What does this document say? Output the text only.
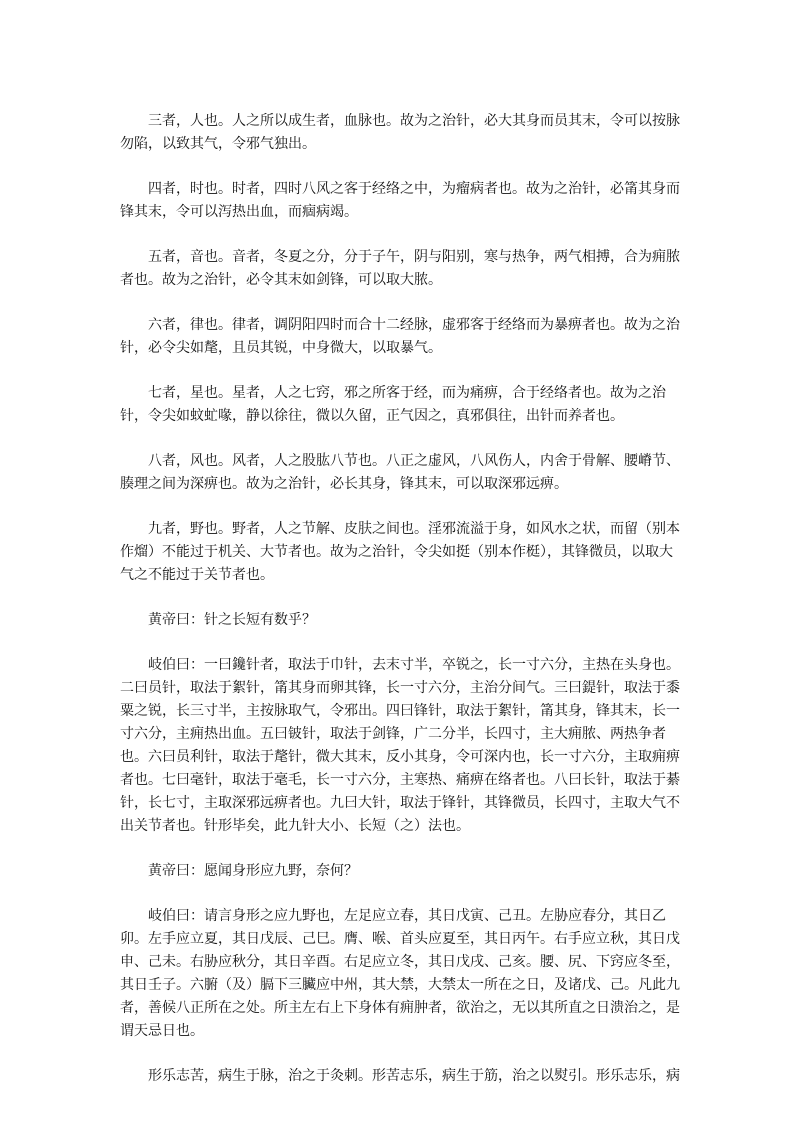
三者，人也。人之所以成生者，血脉也。故为之治针，必大其身而员其末，令可以按脉勿陷，以致其气，令邪气独出。

四者，时也。时者，四时八风之客于经络之中，为瘤病者也。故为之治针，必筩其身而锋其末，令可以泻热出血，而痼病竭。

五者，音也。音者，冬夏之分，分于子午，阴与阳别，寒与热争，两气相搏，合为痈脓者也。故为之治针，必令其末如剑锋，可以取大脓。

六者，律也。律者，调阴阳四时而合十二经脉，虚邪客于经络而为暴痹者也。故为之治针，必令尖如氂，且员其锐，中身微大，以取暴气。

七者，星也。星者，人之七窍，邪之所客于经，而为痛痹，合于经络者也。故为之治针，令尖如蚊虻喙，静以徐往，微以久留，正气因之，真邪俱往，出针而养者也。

八者，风也。风者，人之股肱八节也。八正之虚风，八风伤人，内舍于骨解、腰嵴节、腠理之间为深痹也。故为之治针，必长其身，锋其末，可以取深邪远痹。

九者，野也。野者，人之节解、皮肤之间也。淫邪流溢于身，如风水之状，而留（别本作熘）不能过于机关、大节者也。故为之治针，令尖如挺（别本作梃），其锋微员，以取大气之不能过于关节者也。

黄帝曰：针之长短有数乎？

岐伯曰：一曰鑱针者，取法于巾针，去末寸半，卒锐之，长一寸六分，主热在头身也。二曰员针，取法于絮针，筩其身而卵其锋，长一寸六分，主治分间气。三曰鍉针，取法于黍粟之锐，长三寸半，主按脉取气，令邪出。四曰锋针，取法于絮针，筩其身，锋其末，长一寸六分，主痈热出血。五曰铍针，取法于剑锋，广二分半，长四寸，主大痈脓、两热争者也。六曰员利针，取法于氂针，微大其末，反小其身，令可深内也，长一寸六分，主取痈痹者也。七曰毫针，取法于毫毛，长一寸六分，主寒热、痛痹在络者也。八曰长针，取法于綦针，长七寸，主取深邪远痹者也。九曰大针，取法于锋针，其锋微员，长四寸，主取大气不出关节者也。针形毕矣，此九针大小、长短（之）法也。

黄帝曰：愿闻身形应九野，奈何？

岐伯曰：请言身形之应九野也，左足应立春，其日戊寅、己丑。左胁应春分，其日乙卯。左手应立夏，其日戊辰、己巳。膺、喉、首头应夏至，其日丙午。右手应立秋，其日戊申、己未。右胁应秋分，其日辛酉。右足应立冬，其日戊戌、己亥。腰、尻、下窍应冬至，其日壬子。六腑（及）膈下三臟应中州，其大禁，大禁太一所在之日，及诸戊、己。凡此九者，善候八正所在之处。所主左右上下身体有痈肿者，欲治之，无以其所直之日溃治之，是谓天忌日也。

形乐志苦，病生于脉，治之于灸刺。形苦志乐，病生于筋，治之以熨引。形乐志乐，病
